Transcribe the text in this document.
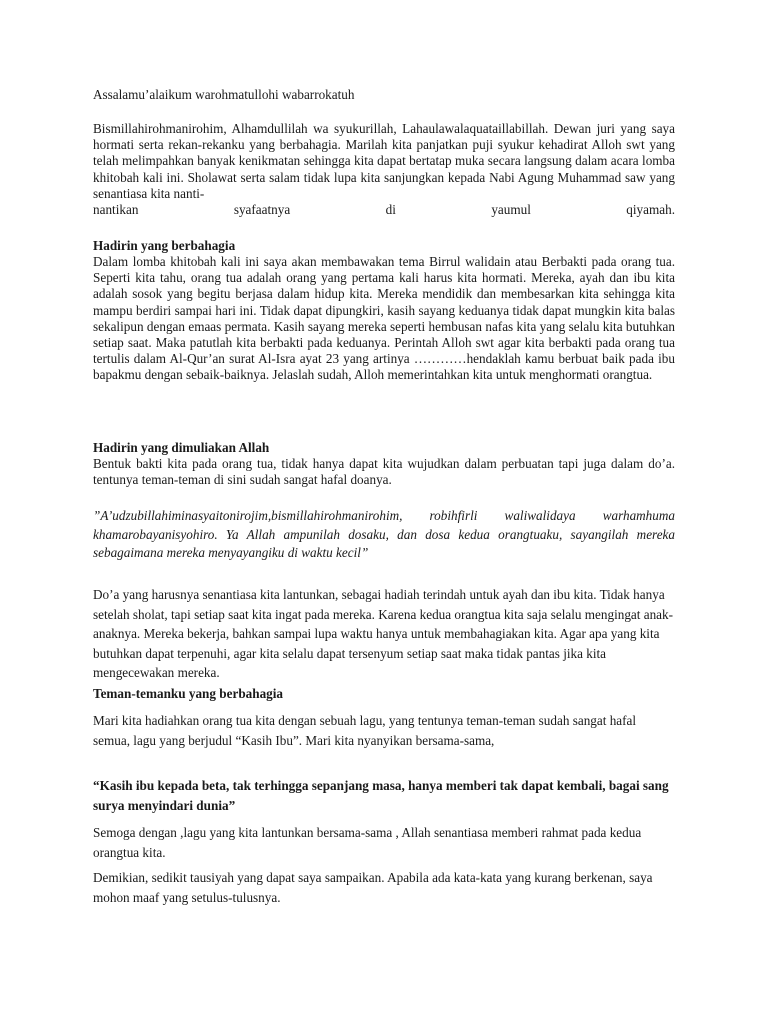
Assalamu’alaikum warohmatullohi wabarrokatuh

Bismillahirohmanirohim, Alhamdullilah wa syukurillah, Lahaulawalaquataillabillah. Dewan juri yang saya hormati serta rekan-rekanku yang berbahagia. Marilah kita panjatkan puji syukur kehadirat Alloh swt yang telah melimpahkan banyak kenikmatan sehingga kita dapat bertatap muka secara langsung dalam acara lomba khitobah kali ini. Sholawat serta salam tidak lupa kita sanjungkan kepada Nabi Agung Muhammad saw yang senantiasa kita nanti-

nantikan syafaatnya di yaumul qiyamah.

Hadirin yang berbahagia

Dalam lomba khitobah kali ini saya akan membawakan tema Birrul walidain atau Berbakti pada orang tua. Seperti kita tahu, orang tua adalah orang yang pertama kali harus kita hormati. Mereka, ayah dan ibu kita adalah sosok yang begitu berjasa dalam hidup kita. Mereka mendidik dan membesarkan kita sehingga kita mampu berdiri sampai hari ini. Tidak dapat dipungkiri, kasih sayang keduanya tidak dapat mungkin kita balas sekalipun dengan emaas permata. Kasih sayang mereka seperti hembusan nafas kita yang selalu kita butuhkan setiap saat. Maka patutlah kita berbakti pada keduanya. Perintah Alloh swt agar kita berbakti pada orang tua tertulis dalam Al-Qur’an surat Al-Isra ayat 23 yang artinya …………hendaklah kamu berbuat baik pada ibu bapakmu dengan sebaik-baiknya. Jelaslah sudah, Alloh memerintahkan kita untuk menghormati orangtua.

Hadirin yang dimuliakan Allah

Bentuk bakti kita pada orang tua, tidak hanya dapat kita wujudkan dalam perbuatan tapi juga dalam do’a. tentunya teman-teman di sini sudah sangat hafal doanya.

”A’udzubillahiminasyaitonirojim,bismillahirohmanirohim, robihfirli waliwalidaya warhamhuma khamarobayanisyohiro. Ya Allah ampunilah dosaku, dan dosa kedua orangtuaku, sayangilah mereka sebagaimana mereka menyayangiku di waktu kecil”

Do’a yang harusnya senantiasa kita lantunkan, sebagai hadiah terindah untuk ayah dan ibu kita. Tidak hanya setelah sholat, tapi setiap saat kita ingat pada mereka. Karena kedua orangtua kita saja selalu mengingat anak-anaknya. Mereka bekerja, bahkan sampai lupa waktu hanya untuk membahagiakan kita. Agar apa yang kita butuhkan dapat terpenuhi, agar kita selalu dapat tersenyum setiap saat maka tidak pantas jika kita mengecewakan mereka.

Teman-temanku yang berbahagia

Mari kita hadiahkan orang tua kita dengan sebuah lagu, yang tentunya teman-teman sudah sangat hafal semua, lagu yang berjudul “Kasih Ibu”. Mari kita nyanyikan bersama-sama,

“Kasih ibu kepada beta, tak terhingga sepanjang masa, hanya memberi tak dapat kembali, bagai sang surya menyindari dunia”

Semoga dengan ,lagu yang kita lantunkan bersama-sama , Allah senantiasa memberi rahmat pada kedua orangtua kita.

Demikian, sedikit tausiyah yang dapat saya sampaikan. Apabila ada kata-kata yang kurang berkenan, saya mohon maaf yang setulus-tulusnya.
